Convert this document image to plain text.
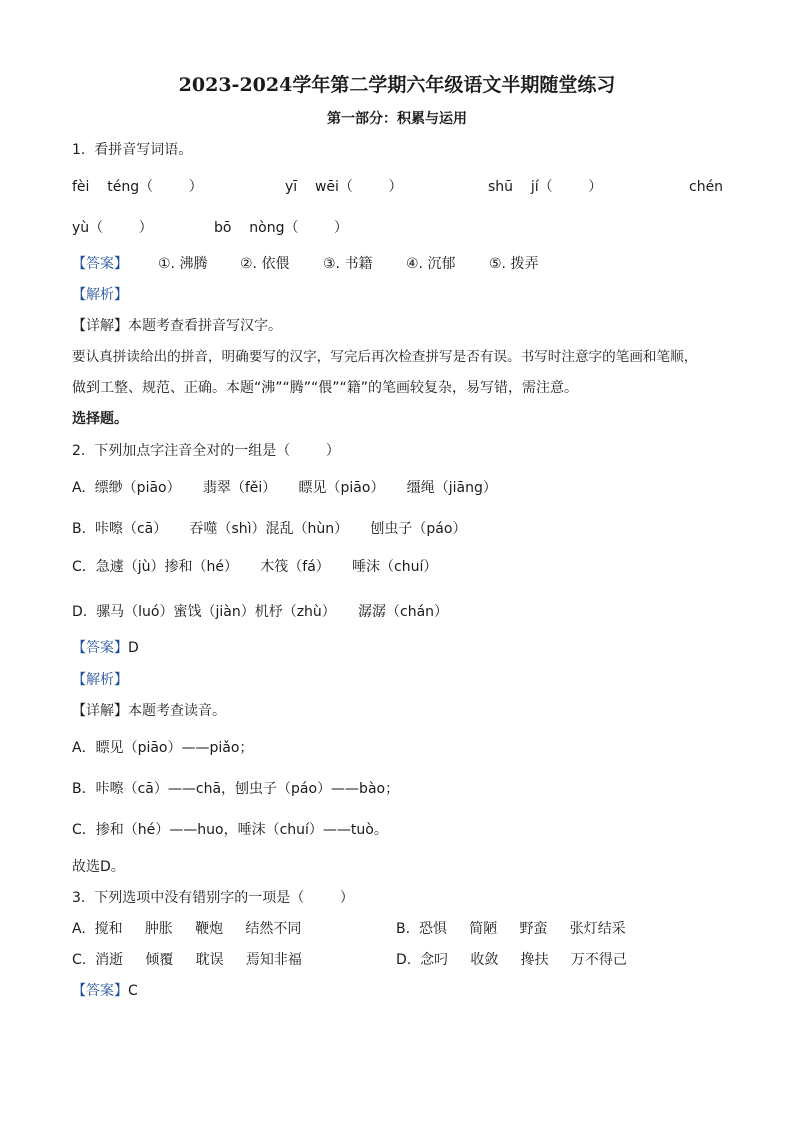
2023-2024学年第二学期六年级语文半期随堂练习
第一部分：积累与运用
1.  看拼音写词语。
fèi    téng（        ）	yī    wēi（        ）	shū    jí（        ）	chén
yù（        ）	bō    nòng（        ）
【答案】 ①. 沸腾 ②. 依偎 ③. 书籍 ④. 沉郁 ⑤. 拨弄
【解析】
【详解】本题考查看拼音写汉字。
要认真拼读给出的拼音，明确要写的汉字，写完后再次检查拼写是否有误。书写时注意字的笔画和笔顺，
做到工整、规范、正确。本题“沸”“腾”“偎”“籍”的笔画较复杂，易写错，需注意。
选择题。
2.  下列加点字注音全对的一组是（        ）
A.  缥缈（piāo）     翡翠（fěi）     瞟见（piāo）     缰绳（jiāng）
B.  咔嚓（cā）     吞噬（shì）混乱（hùn）     刨虫子（páo）
C．急遽（jù）掺和（hé）     木筏（fá）     唾沫（chuí）
D.  骡马（luó）蜜饯（jiàn）机杼（zhù）     潺潺（chán）
【答案】D
【解析】
【详解】本题考查读音。
A．瞟见（piāo）——piǎo；
B．咔嚓（cā）——chā，刨虫子（páo）——bào；
C．掺和（hé）——huo，唾沫（chuí）——tuò。
故选D。
3.  下列选项中没有错别字的一项是（        ）
A.  搅和     肿胀     鞭炮     结然不同	B.  恐惧     简陋     野蛮     张灯结采
C.  消逝     倾覆     耽误     焉知非福	D.  念叼     收敛     搀扶     万不得己
【答案】C
